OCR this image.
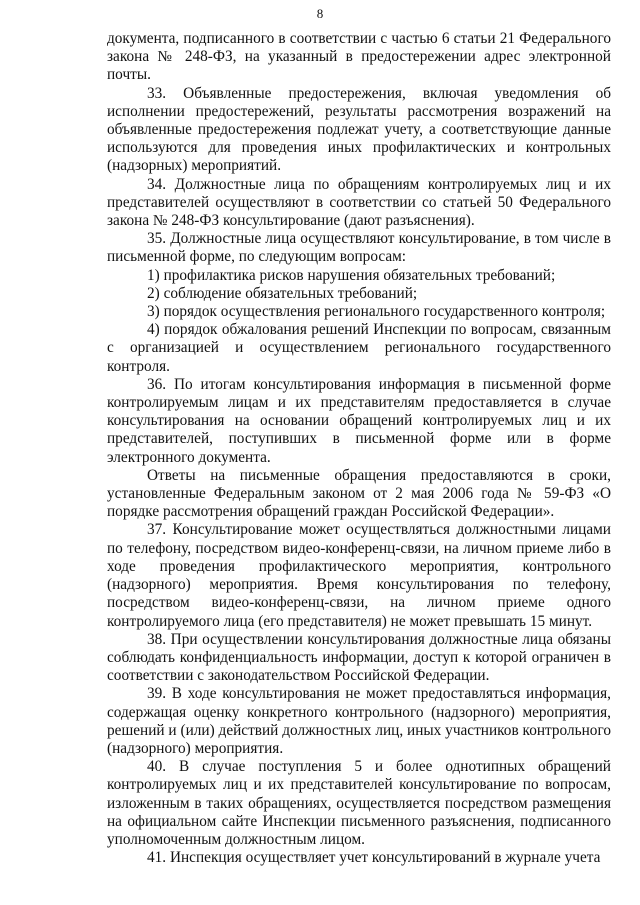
8

документа, подписанного в соответствии с частью 6 статьи 21 Федерального закона № 248-ФЗ, на указанный в предостережении адрес электронной почты.

33. Объявленные предостережения, включая уведомления об исполнении предостережений, результаты рассмотрения возражений на объявленные предостережения подлежат учету, а соответствующие данные используются для проведения иных профилактических и контрольных (надзорных) мероприятий.

34. Должностные лица по обращениям контролируемых лиц и их представителей осуществляют в соответствии со статьей 50 Федерального закона № 248-ФЗ консультирование (дают разъяснения).

35. Должностные лица осуществляют консультирование, в том числе в письменной форме, по следующим вопросам:

1) профилактика рисков нарушения обязательных требований;

2) соблюдение обязательных требований;

3) порядок осуществления регионального государственного контроля;

4) порядок обжалования решений Инспекции по вопросам, связанным с организацией и осуществлением регионального государственного контроля.

36. По итогам консультирования информация в письменной форме контролируемым лицам и их представителям предоставляется в случае консультирования на основании обращений контролируемых лиц и их представителей, поступивших в письменной форме или в форме электронного документа.

Ответы на письменные обращения предоставляются в сроки, установленные Федеральным законом от 2 мая 2006 года № 59-ФЗ «О порядке рассмотрения обращений граждан Российской Федерации».

37. Консультирование может осуществляться должностными лицами по телефону, посредством видео-конференц-связи, на личном приеме либо в ходе проведения профилактического мероприятия, контрольного (надзорного) мероприятия. Время консультирования по телефону, посредством видео-конференц-связи, на личном приеме одного контролируемого лица (его представителя) не может превышать 15 минут.

38. При осуществлении консультирования должностные лица обязаны соблюдать конфиденциальность информации, доступ к которой ограничен в соответствии с законодательством Российской Федерации.

39. В ходе консультирования не может предоставляться информация, содержащая оценку конкретного контрольного (надзорного) мероприятия, решений и (или) действий должностных лиц, иных участников контрольного (надзорного) мероприятия.

40. В случае поступления 5 и более однотипных обращений контролируемых лиц и их представителей консультирование по вопросам, изложенным в таких обращениях, осуществляется посредством размещения на официальном сайте Инспекции письменного разъяснения, подписанного уполномоченным должностным лицом.

41. Инспекция осуществляет учет консультирований в журнале учета
